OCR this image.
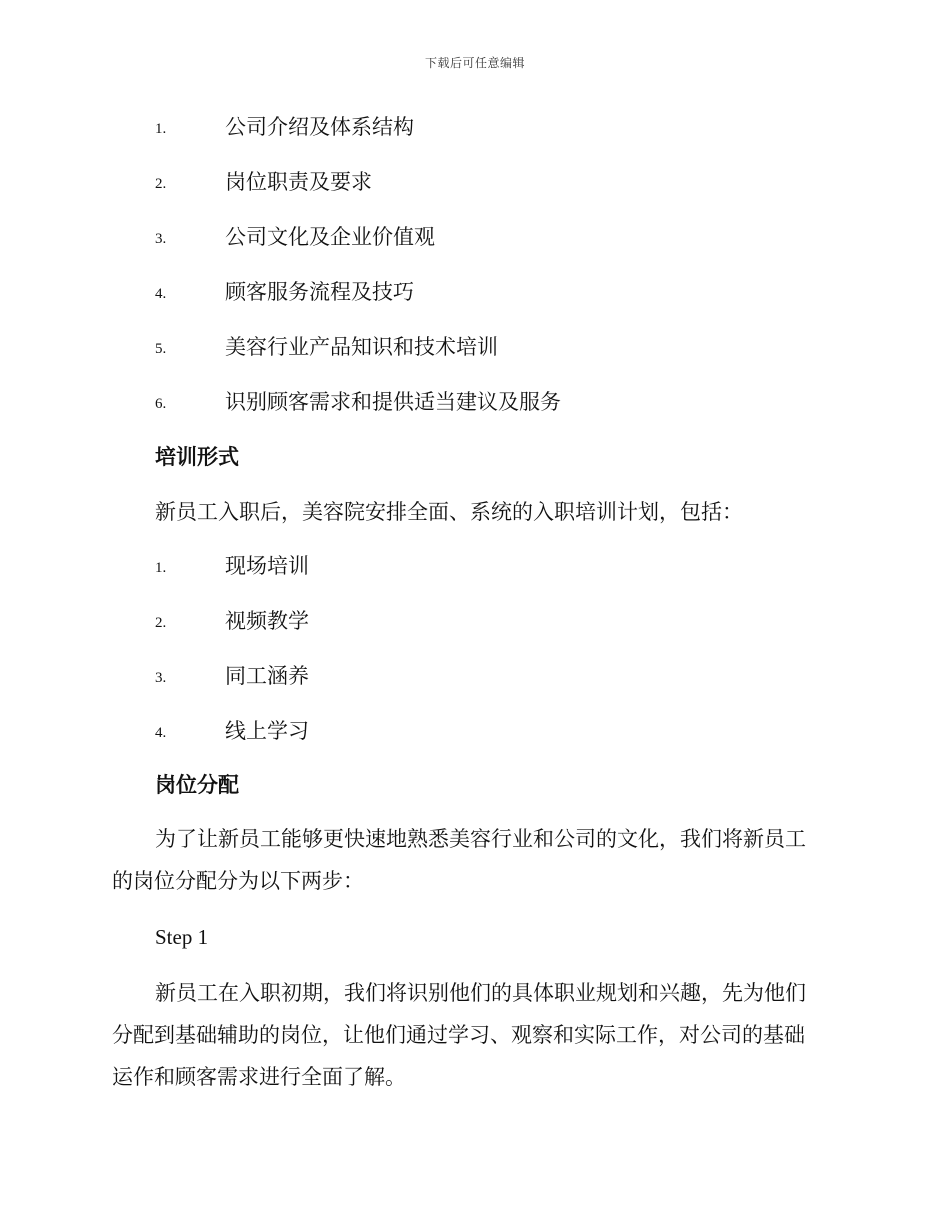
下载后可任意编辑
1.	公司介绍及体系结构
2.	岗位职责及要求
3.	公司文化及企业价值观
4.	顾客服务流程及技巧
5.	美容行业产品知识和技术培训
6.	识别顾客需求和提供适当建议及服务
培训形式
新员工入职后，美容院安排全面、系统的入职培训计划，包括：
1.	现场培训
2.	视频教学
3.	同工涵养
4.	线上学习
岗位分配
为了让新员工能够更快速地熟悉美容行业和公司的文化，我们将新员工
的岗位分配分为以下两步：
Step 1
新员工在入职初期，我们将识别他们的具体职业规划和兴趣，先为他们
分配到基础辅助的岗位，让他们通过学习、观察和实际工作，对公司的基础
运作和顾客需求进行全面了解。
